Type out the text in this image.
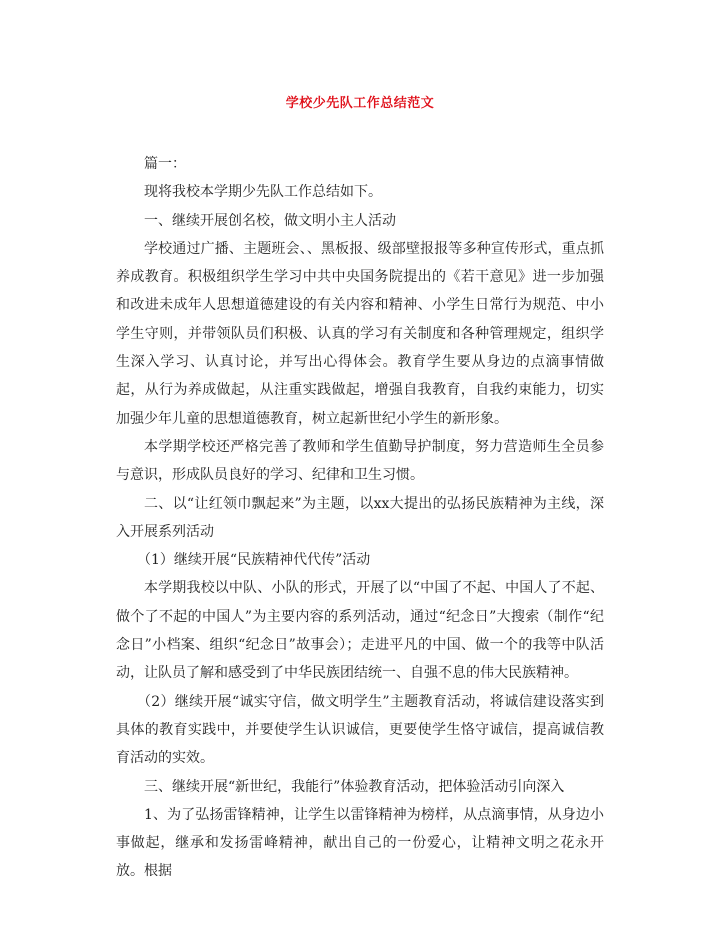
学校少先队工作总结范文

篇一：

现将我校本学期少先队工作总结如下。

一、继续开展创名校，做文明小主人活动

学校通过广播、主题班会、、黑板报、级部壁报报等多种宣传形式，重点抓养成教育。积极组织学生学习中共中央国务院提出的《若干意见》进一步加强和改进未成年人思想道德建设的有关内容和精神、小学生日常行为规范、中小学生守则，并带领队员们积极、认真的学习有关制度和各种管理规定，组织学生深入学习、认真讨论，并写出心得体会。教育学生要从身边的点滴事情做起，从行为养成做起，从注重实践做起，增强自我教育，自我约束能力，切实加强少年儿童的思想道德教育，树立起新世纪小学生的新形象。

本学期学校还严格完善了教师和学生值勤导护制度，努力营造师生全员参与意识，形成队员良好的学习、纪律和卫生习惯。

二、以“让红领巾飘起来”为主题，以xx大提出的弘扬民族精神为主线，深入开展系列活动

（1）继续开展“民族精神代代传”活动

本学期我校以中队、小队的形式，开展了以“中国了不起、中国人了不起、做个了不起的中国人”为主要内容的系列活动，通过“纪念日”大搜索（制作“纪念日”小档案、组织“纪念日”故事会）；走进平凡的中国、做一个的我等中队活动，让队员了解和感受到了中华民族团结统一、自强不息的伟大民族精神。

（2）继续开展“诚实守信，做文明学生”主题教育活动，将诚信建设落实到具体的教育实践中，并要使学生认识诚信，更要使学生恪守诚信，提高诚信教育活动的实效。

三、继续开展“新世纪，我能行”体验教育活动，把体验活动引向深入

1、为了弘扬雷锋精神，让学生以雷锋精神为榜样，从点滴事情，从身边小事做起，继承和发扬雷峰精神，献出自己的一份爱心，让精神文明之花永开放。根据
